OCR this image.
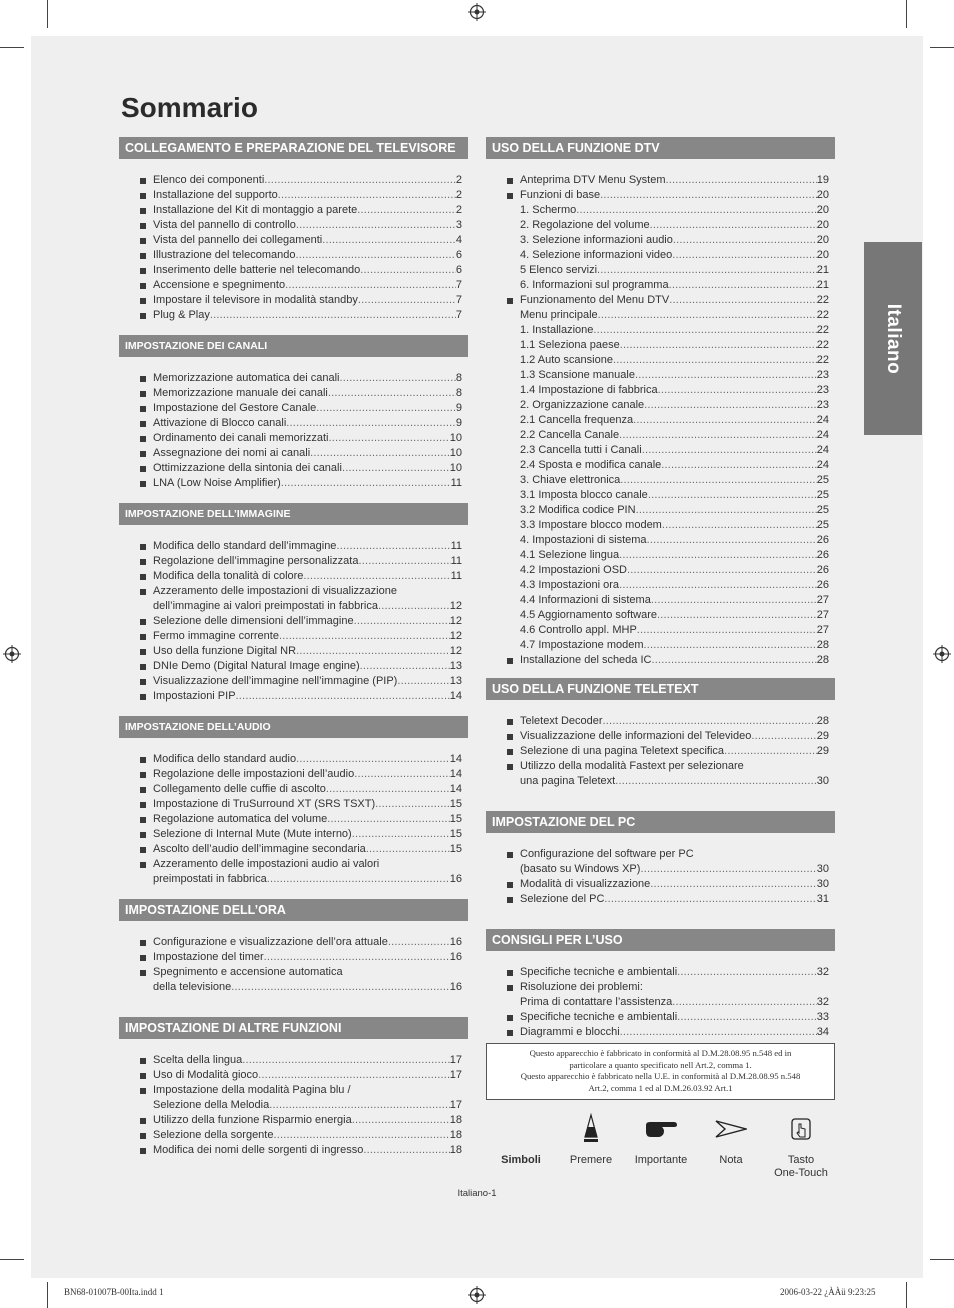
Sommario
Italiano
COLLEGAMENTO E PREPARAZIONE DEL TELEVISORE
Elenco dei componenti .....	2
Installazione del supporto .....	2
Installazione del Kit di montaggio a parete .....	2
Vista del pannello di controllo .....	3
Vista del pannello dei collegamenti .....	4
Illustrazione del telecomando .....	6
Inserimento delle batterie nel telecomando .....	6
Accensione e spegnimento .....	7
Impostare il televisore in modalità standby .....	7
Plug & Play .....	7
IMPOSTAZIONE DEI CANALI
Memorizzazione automatica dei canali .....	8
Memorizzazione manuale dei canali .....	8
Impostazione del Gestore Canale .....	9
Attivazione di Blocco canali .....	9
Ordinamento dei canali memorizzati .....	10
Assegnazione dei nomi ai canali .....	10
Ottimizzazione della sintonia dei canali .....	10
LNA (Low Noise Amplifier) .....	11
IMPOSTAZIONE DELL’IMMAGINE
Modifica dello standard dell’immagine .....	11
Regolazione dell’immagine personalizzata .....	11
Modifica della tonalità di colore .....	11
Azzeramento delle impostazioni di visualizzazione
dell’immagine ai valori preimpostati in fabbrica .....	12
Selezione delle dimensioni dell’immagine .....	12
Fermo immagine corrente .....	12
Uso della funzione Digital NR .....	12
DNIe Demo (Digital Natural Image engine) .....	13
Visualizzazione dell’immagine nell’immagine (PIP) .....	13
Impostazioni PIP .....	14
IMPOSTAZIONE DELL’AUDIO
Modifica dello standard audio .....	14
Regolazione delle impostazioni dell’audio .....	14
Collegamento delle cuffie di ascolto .....	14
Impostazione di TruSurround XT (SRS TSXT) .....	15
Regolazione automatica del volume .....	15
Selezione di Internal Mute (Mute interno) .....	15
Ascolto dell’audio dell’immagine secondaria .....	15
Azzeramento delle impostazioni audio ai valori
preimpostati in fabbrica .....	16
IMPOSTAZIONE DELL’ORA
Configurazione e visualizzazione dell’ora attuale .....	16
Impostazione del timer .....	16
Spegnimento e accensione automatica
della televisione .....	16
IMPOSTAZIONE DI ALTRE FUNZIONI
Scelta della lingua .....	17
Uso di Modalità gioco .....	17
Impostazione della modalità Pagina blu /
Selezione della Melodia .....	17
Utilizzo della funzione Risparmio energia .....	18
Selezione della sorgente .....	18
Modifica dei nomi delle sorgenti di ingresso .....	18
USO DELLA FUNZIONE DTV
Anteprima DTV Menu System .....	19
Funzioni di base .....	20
1. Schermo .....	20
2. Regolazione del volume .....	20
3. Selezione informazioni audio .....	20
4. Selezione informazioni video .....	20
5 Elenco servizi .....	21
6. Informazioni sul programma .....	21
Funzionamento del Menu DTV .....	22
Menu principale .....	22
1. Installazione .....	22
1.1 Seleziona paese .....	22
1.2 Auto scansione .....	22
1.3 Scansione manuale .....	23
1.4 Impostazione di fabbrica .....	23
2. Organizzazione canale .....	23
2.1 Cancella frequenza .....	24
2.2 Cancella Canale .....	24
2.3 Cancella tutti i Canali .....	24
2.4 Sposta e modifica canale .....	24
3. Chiave elettronica .....	25
3.1 Imposta blocco canale .....	25
3.2 Modifica codice PIN .....	25
3.3 Impostare blocco modem .....	25
4. Impostazioni di sistema .....	26
4.1 Selezione lingua .....	26
4.2 Impostazioni OSD .....	26
4.3 Impostazioni ora .....	26
4.4 Informazioni di sistema .....	27
4.5 Aggiornamento software .....	27
4.6 Controllo appl. MHP .....	27
4.7 Impostazione modem .....	28
Installazione del scheda IC .....	28
USO DELLA FUNZIONE TELETEXT
Teletext Decoder .....	28
Visualizzazione delle informazioni del Televideo .....	29
Selezione di una pagina Teletext specifica .....	29
Utilizzo della modalità Fastext per selezionare
una pagina Teletext .....	30
IMPOSTAZIONE DEL PC
Configurazione del software per PC
(basato su Windows XP) .....	30
Modalità di visualizzazione .....	30
Selezione del PC .....	31
CONSIGLI PER L’USO
Specifiche tecniche e ambientali .....	32
Risoluzione dei problemi:
Prima di contattare l’assistenza .....	32
Specifiche tecniche e ambientali .....	33
Diagrammi e blocchi .....	34
Questo apparecchio è fabbricato in conformità al D.M.28.08.95 n.548 ed in
particolare a quanto specificato nell Art.2, comma 1.
Questo apparecchio è fabbricato nella U.E. in conformità al D.M.28.08.95 n.548
Art.2, comma 1 ed al D.M.26.03.92 Art.1
Simboli	Premere	Importante	Nota	Tasto
One-Touch
Italiano-1
BN68-01007B-00Ita.indd 1	2006-03-22 ¿ÀÀü 9:23:25
